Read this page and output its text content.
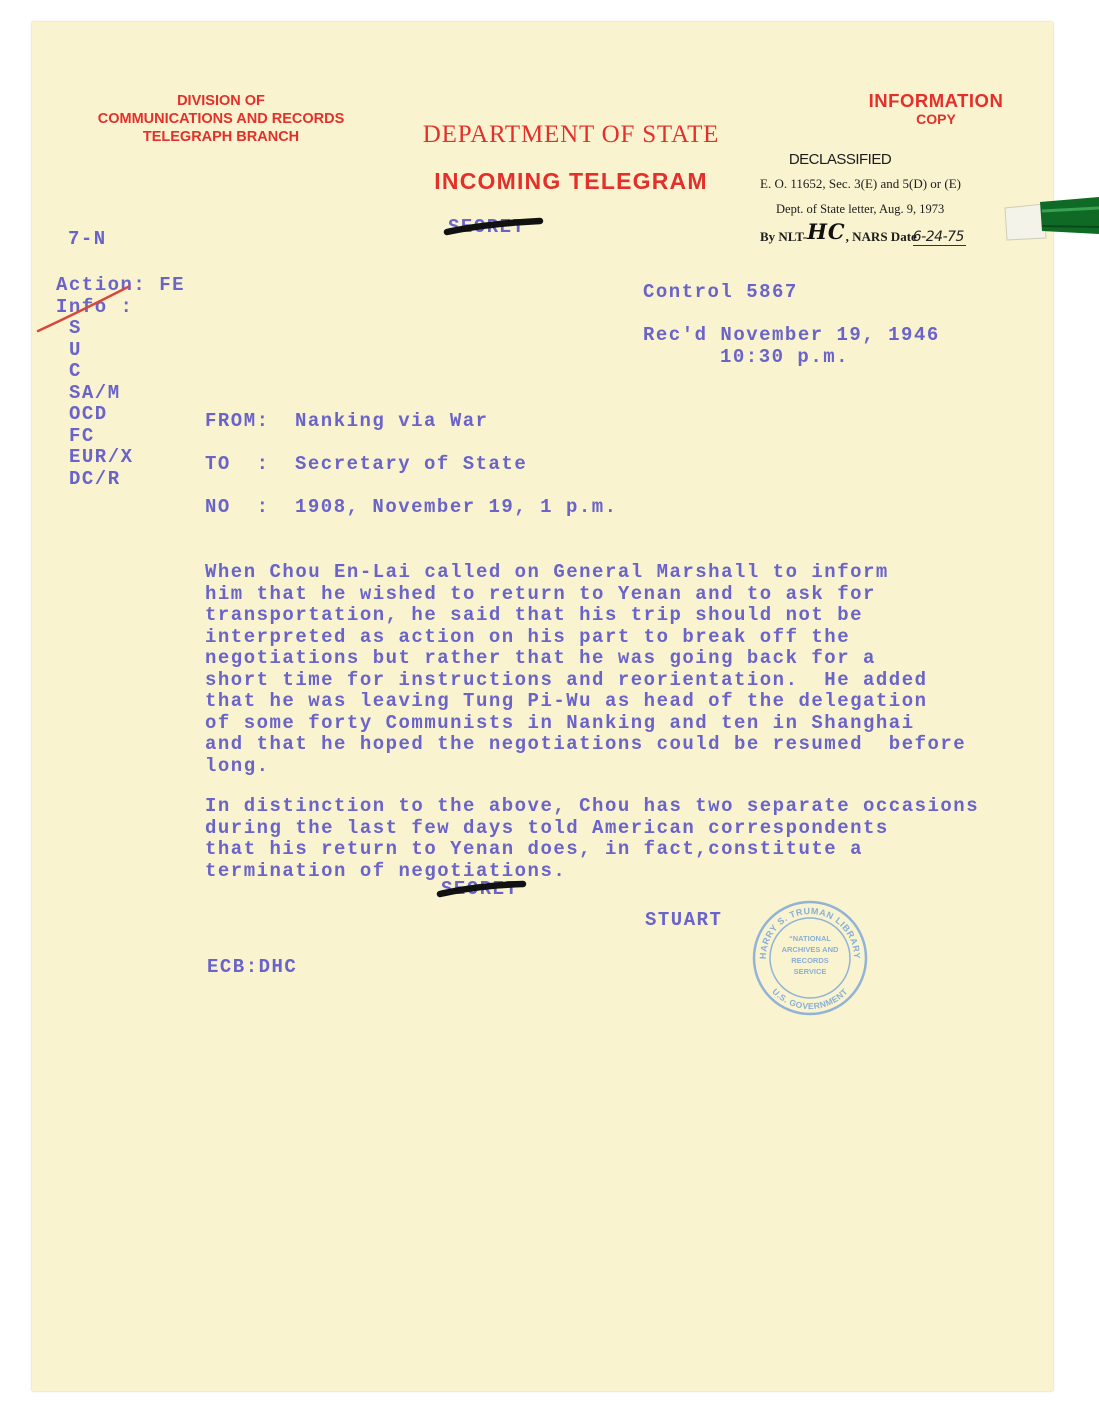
DIVISION OF
COMMUNICATIONS AND RECORDS
TELEGRAPH BRANCH	DEPARTMENT OF STATE
INCOMING TELEGRAM
INFORMATION
COPY
DECLASSIFIED
E. O. 11652, Sec. 3(E) and 5(D) or (E)
Dept. of State letter, Aug. 9, 1973
By NLT-HC, NARS Date6-24-75
SECRET
7-N
Action: FE
Info :
S
U
C
SA/M
OCD
FC
EUR/X
DC/R
Control 5867
Rec'd November 19, 1946
10:30 p.m.
FROM: Nanking via War
TO  : Secretary of State
NO  : 1908, November 19, 1 p.m.
When Chou En-Lai called on General Marshall to inform
him that he wished to return to Yenan and to ask for
transportation, he said that his trip should not be
interpreted as action on his part to break off the
negotiations but rather that he was going back for a
short time for instructions and reorientation.  He added
that he was leaving Tung Pi-Wu as head of the delegation
of some forty Communists in Nanking and ten in Shanghai
and that he hoped the negotiations could be resumed  before
long.
In distinction to the above, Chou has two separate occasions
during the last few days told American correspondents
that his return to Yenan does, in fact,constitute a
termination of negotiations.
STUART
ECB:DHC
HARRY S. TRUMAN LIBRARY
U.S. GOVERNMENT
“NATIONAL
ARCHIVES AND
RECORDS
SERVICE
SECRET
